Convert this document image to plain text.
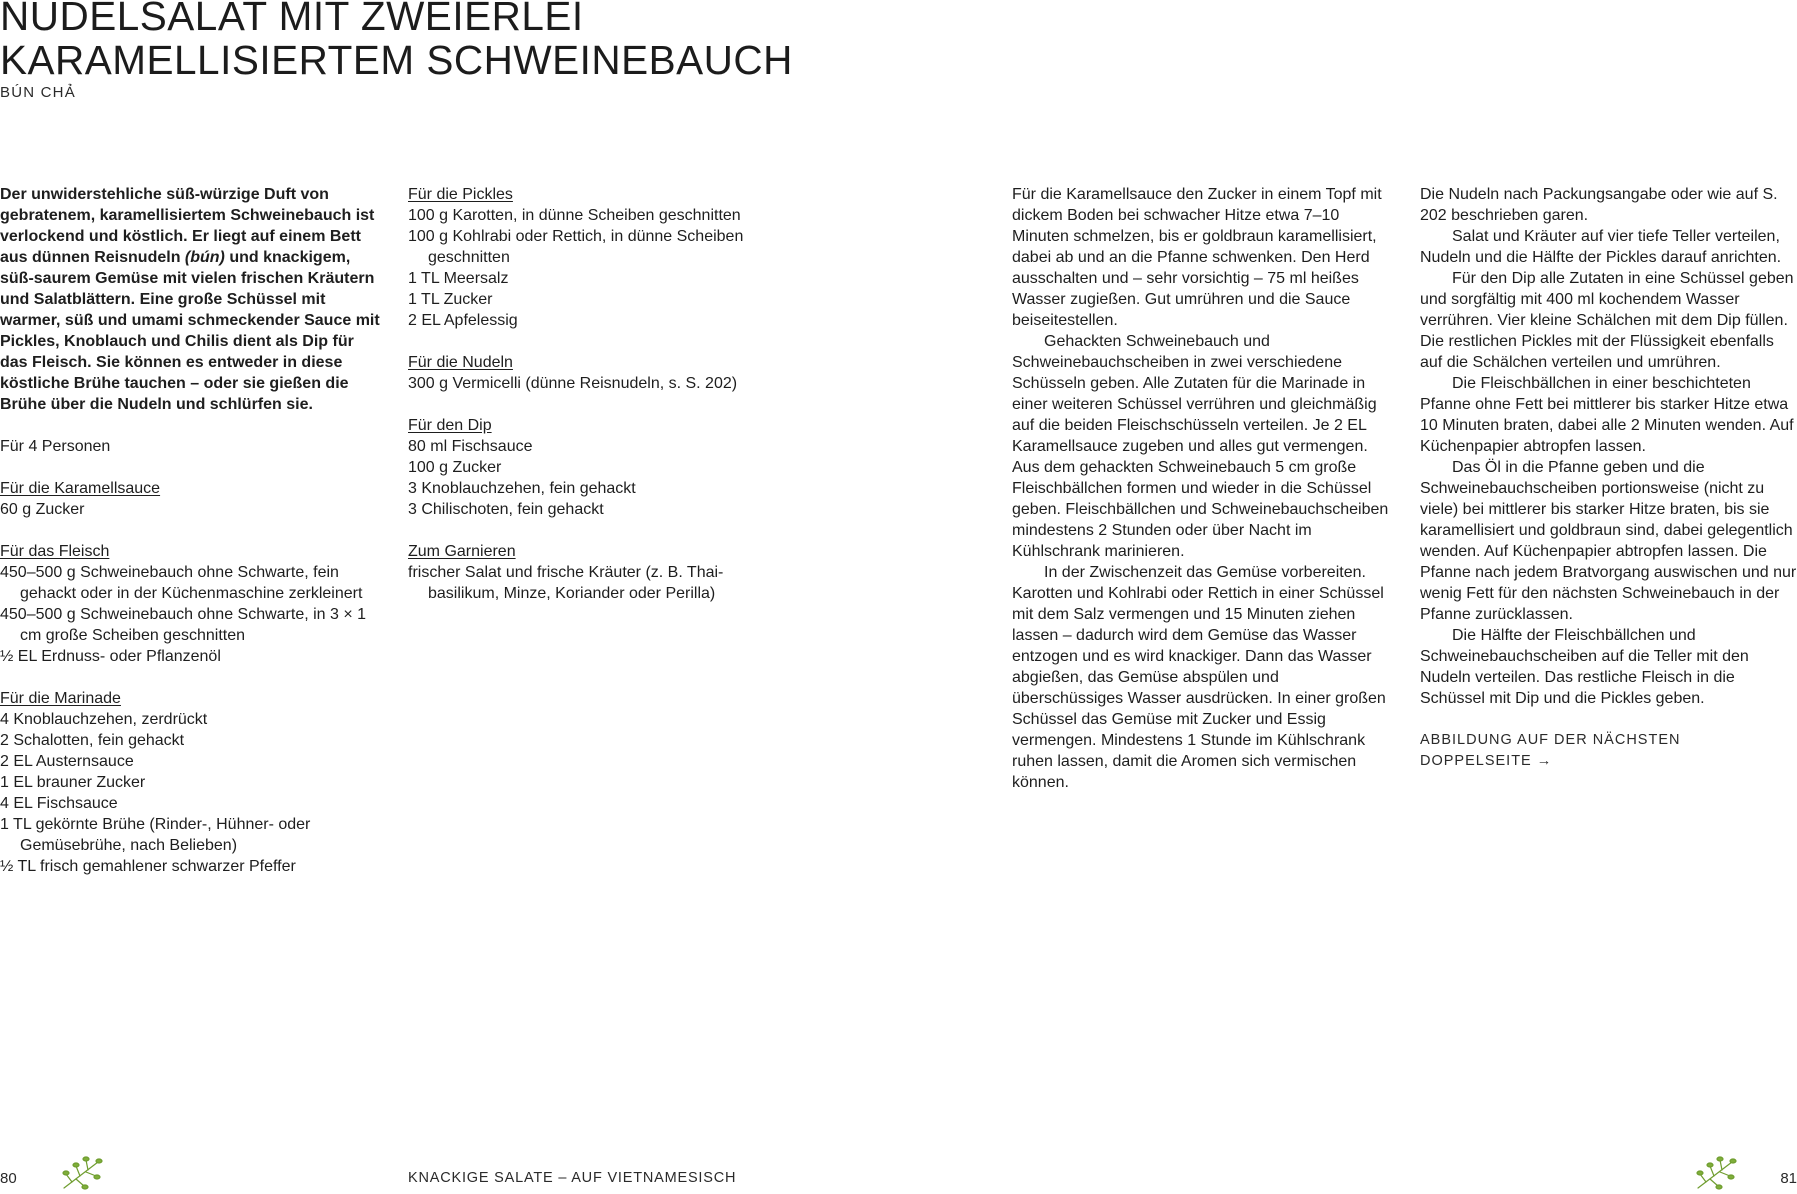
NUDELSALAT MIT ZWEIERLEI
KARAMELLISIERTEM SCHWEINEBAUCH
BÚN CHẢ

Der unwiderstehliche süß-würzige Duft von gebratenem, karamellisiertem Schweinebauch ist verlockend und köstlich. Er liegt auf einem Bett aus dünnen Reisnudeln (bún) und knackigem, süß-saurem Gemüse mit vielen frischen Kräutern und Salatblättern. Eine große Schüssel mit warmer, süß und umami schmeckender Sauce mit Pickles, Knoblauch und Chilis dient als Dip für das Fleisch. Sie können es entweder in diese köstliche Brühe tauchen – oder sie gießen die Brühe über die Nudeln und schlürfen sie.

Für 4 Personen

Für die Karamellsauce
60 g Zucker
Für das Fleisch
450–500 g Schweinebauch ohne Schwarte, fein gehackt oder in der Küchenmaschine zerkleinert
450–500 g Schweinebauch ohne Schwarte, in 3 × 1 cm große Scheiben geschnitten
½ EL Erdnuss- oder Pflanzenöl
Für die Marinade
4 Knoblauchzehen, zerdrückt
2 Schalotten, fein gehackt
2 EL Austernsauce
1 EL brauner Zucker
4 EL Fischsauce
1 TL gekörnte Brühe (Rinder-, Hühner- oder Gemüsebrühe, nach Belieben)
½ TL frisch gemahlener schwarzer Pfeffer
Für die Pickles
100 g Karotten, in dünne Scheiben geschnitten
100 g Kohlrabi oder Rettich, in dünne Scheiben geschnitten
1 TL Meersalz
1 TL Zucker
2 EL Apfelessig
Für die Nudeln
300 g Vermicelli (dünne Reisnudeln, s. S. 202)
Für den Dip
80 ml Fischsauce
100 g Zucker
3 Knoblauchzehen, fein gehackt
3 Chilischoten, fein gehackt
Zum Garnieren
frischer Salat und frische Kräuter (z. B. Thai-basilikum, Minze, Koriander oder Perilla)

Für die Karamellsauce den Zucker in einem Topf mit dickem Boden bei schwacher Hitze etwa 7–10 Minuten schmelzen, bis er goldbraun karamellisiert, dabei ab und an die Pfanne schwenken. Den Herd ausschalten und – sehr vorsichtig – 75 ml heißes Wasser zugießen. Gut umrühren und die Sauce beiseitestellen.

Gehackten Schweinebauch und Schweinebauchscheiben in zwei verschiedene Schüsseln geben. Alle Zutaten für die Marinade in einer weiteren Schüssel verrühren und gleichmäßig auf die beiden Fleischschüsseln verteilen. Je 2 EL Karamellsauce zugeben und alles gut vermengen. Aus dem gehackten Schweinebauch 5 cm große Fleischbällchen formen und wieder in die Schüssel geben. Fleischbällchen und Schweinebauchscheiben mindestens 2 Stunden oder über Nacht im Kühlschrank marinieren.

In der Zwischenzeit das Gemüse vorbereiten. Karotten und Kohlrabi oder Rettich in einer Schüssel mit dem Salz vermengen und 15 Minuten ziehen lassen – dadurch wird dem Gemüse das Wasser entzogen und es wird knackiger. Dann das Wasser abgießen, das Gemüse abspülen und überschüssiges Wasser ausdrücken. In einer großen Schüssel das Gemüse mit Zucker und Essig vermengen. Mindestens 1 Stunde im Kühlschrank ruhen lassen, damit die Aromen sich vermischen können.

Die Nudeln nach Packungsangabe oder wie auf S. 202 beschrieben garen.

Salat und Kräuter auf vier tiefe Teller verteilen, Nudeln und die Hälfte der Pickles darauf anrichten.

Für den Dip alle Zutaten in eine Schüssel geben und sorgfältig mit 400 ml kochendem Wasser verrühren. Vier kleine Schälchen mit dem Dip füllen. Die restlichen Pickles mit der Flüssigkeit ebenfalls auf die Schälchen verteilen und umrühren.

Die Fleischbällchen in einer beschichteten Pfanne ohne Fett bei mittlerer bis starker Hitze etwa 10 Minuten braten, dabei alle 2 Minuten wenden. Auf Küchenpapier abtropfen lassen.

Das Öl in die Pfanne geben und die Schweinebauchscheiben portionsweise (nicht zu viele) bei mittlerer bis starker Hitze braten, bis sie karamellisiert und goldbraun sind, dabei gelegentlich wenden. Auf Küchenpapier abtropfen lassen. Die Pfanne nach jedem Bratvorgang auswischen und nur wenig Fett für den nächsten Schweinebauch in der Pfanne zurücklassen.

Die Hälfte der Fleischbällchen und Schweinebauchscheiben auf die Teller mit den Nudeln verteilen. Das restliche Fleisch in die Schüssel mit Dip und die Pickles geben.

ABBILDUNG AUF DER NÄCHSTEN DOPPELSEITE →
80	KNACKIGE SALATE – AUF VIETNAMESISCH	81
